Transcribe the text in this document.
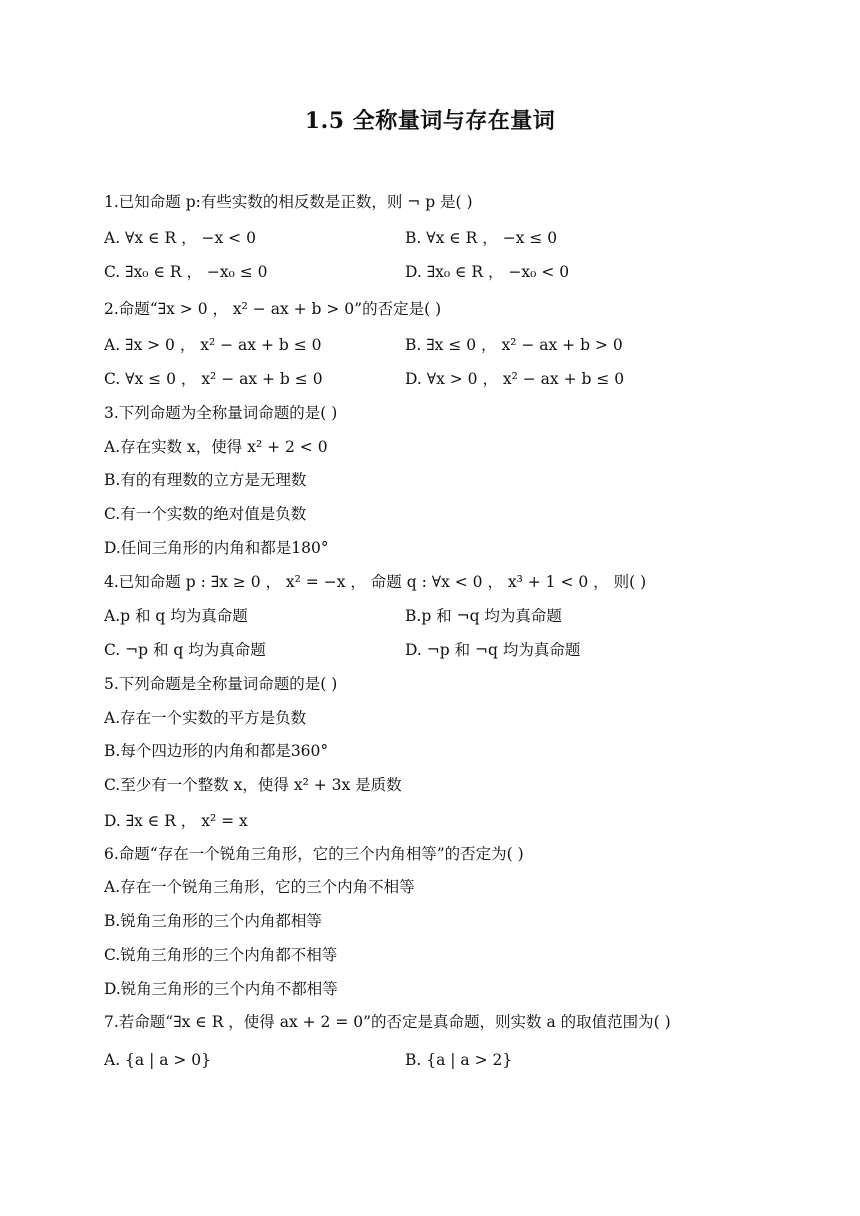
1.5 全称量词与存在量词
1.已知命题 p:有些实数的相反数是正数，则 ¬ p 是( )
A. ∀x ∈ R ， −x < 0	B. ∀x ∈ R ， −x ≤ 0
C. ∃x₀ ∈ R ， −x₀ ≤ 0	D. ∃x₀ ∈ R ， −x₀ < 0
2.命题“∃x > 0 ， x² − ax + b > 0”的否定是( )
A. ∃x > 0 ， x² − ax + b ≤ 0	B. ∃x ≤ 0 ， x² − ax + b > 0
C. ∀x ≤ 0 ， x² − ax + b ≤ 0	D. ∀x > 0 ， x² − ax + b ≤ 0
3.下列命题为全称量词命题的是( )
A.存在实数 x，使得 x² + 2 < 0
B.有的有理数的立方是无理数
C.有一个实数的绝对值是负数
D.任间三角形的内角和都是180°
4.已知命题 p : ∃x ≥ 0 ， x² = −x ， 命题 q : ∀x < 0 ， x³ + 1 < 0 ， 则( )
A.p 和 q 均为真命题	B.p 和 ¬q 均为真命题
C. ¬p 和 q 均为真命题	D. ¬p 和 ¬q 均为真命题
5.下列命题是全称量词命题的是( )
A.存在一个实数的平方是负数
B.每个四边形的内角和都是360°
C.至少有一个整数 x，使得 x² + 3x 是质数
D. ∃x ∈ R ， x² = x
6.命题“存在一个锐角三角形，它的三个内角相等”的否定为( )
A.存在一个锐角三角形，它的三个内角不相等
B.锐角三角形的三个内角都相等
C.锐角三角形的三个内角都不相等
D.锐角三角形的三个内角不都相等
7.若命题“∃x ∈ R ，使得 ax + 2 = 0”的否定是真命题，则实数 a 的取值范围为( )
A. {a | a > 0}	B. {a | a > 2}
